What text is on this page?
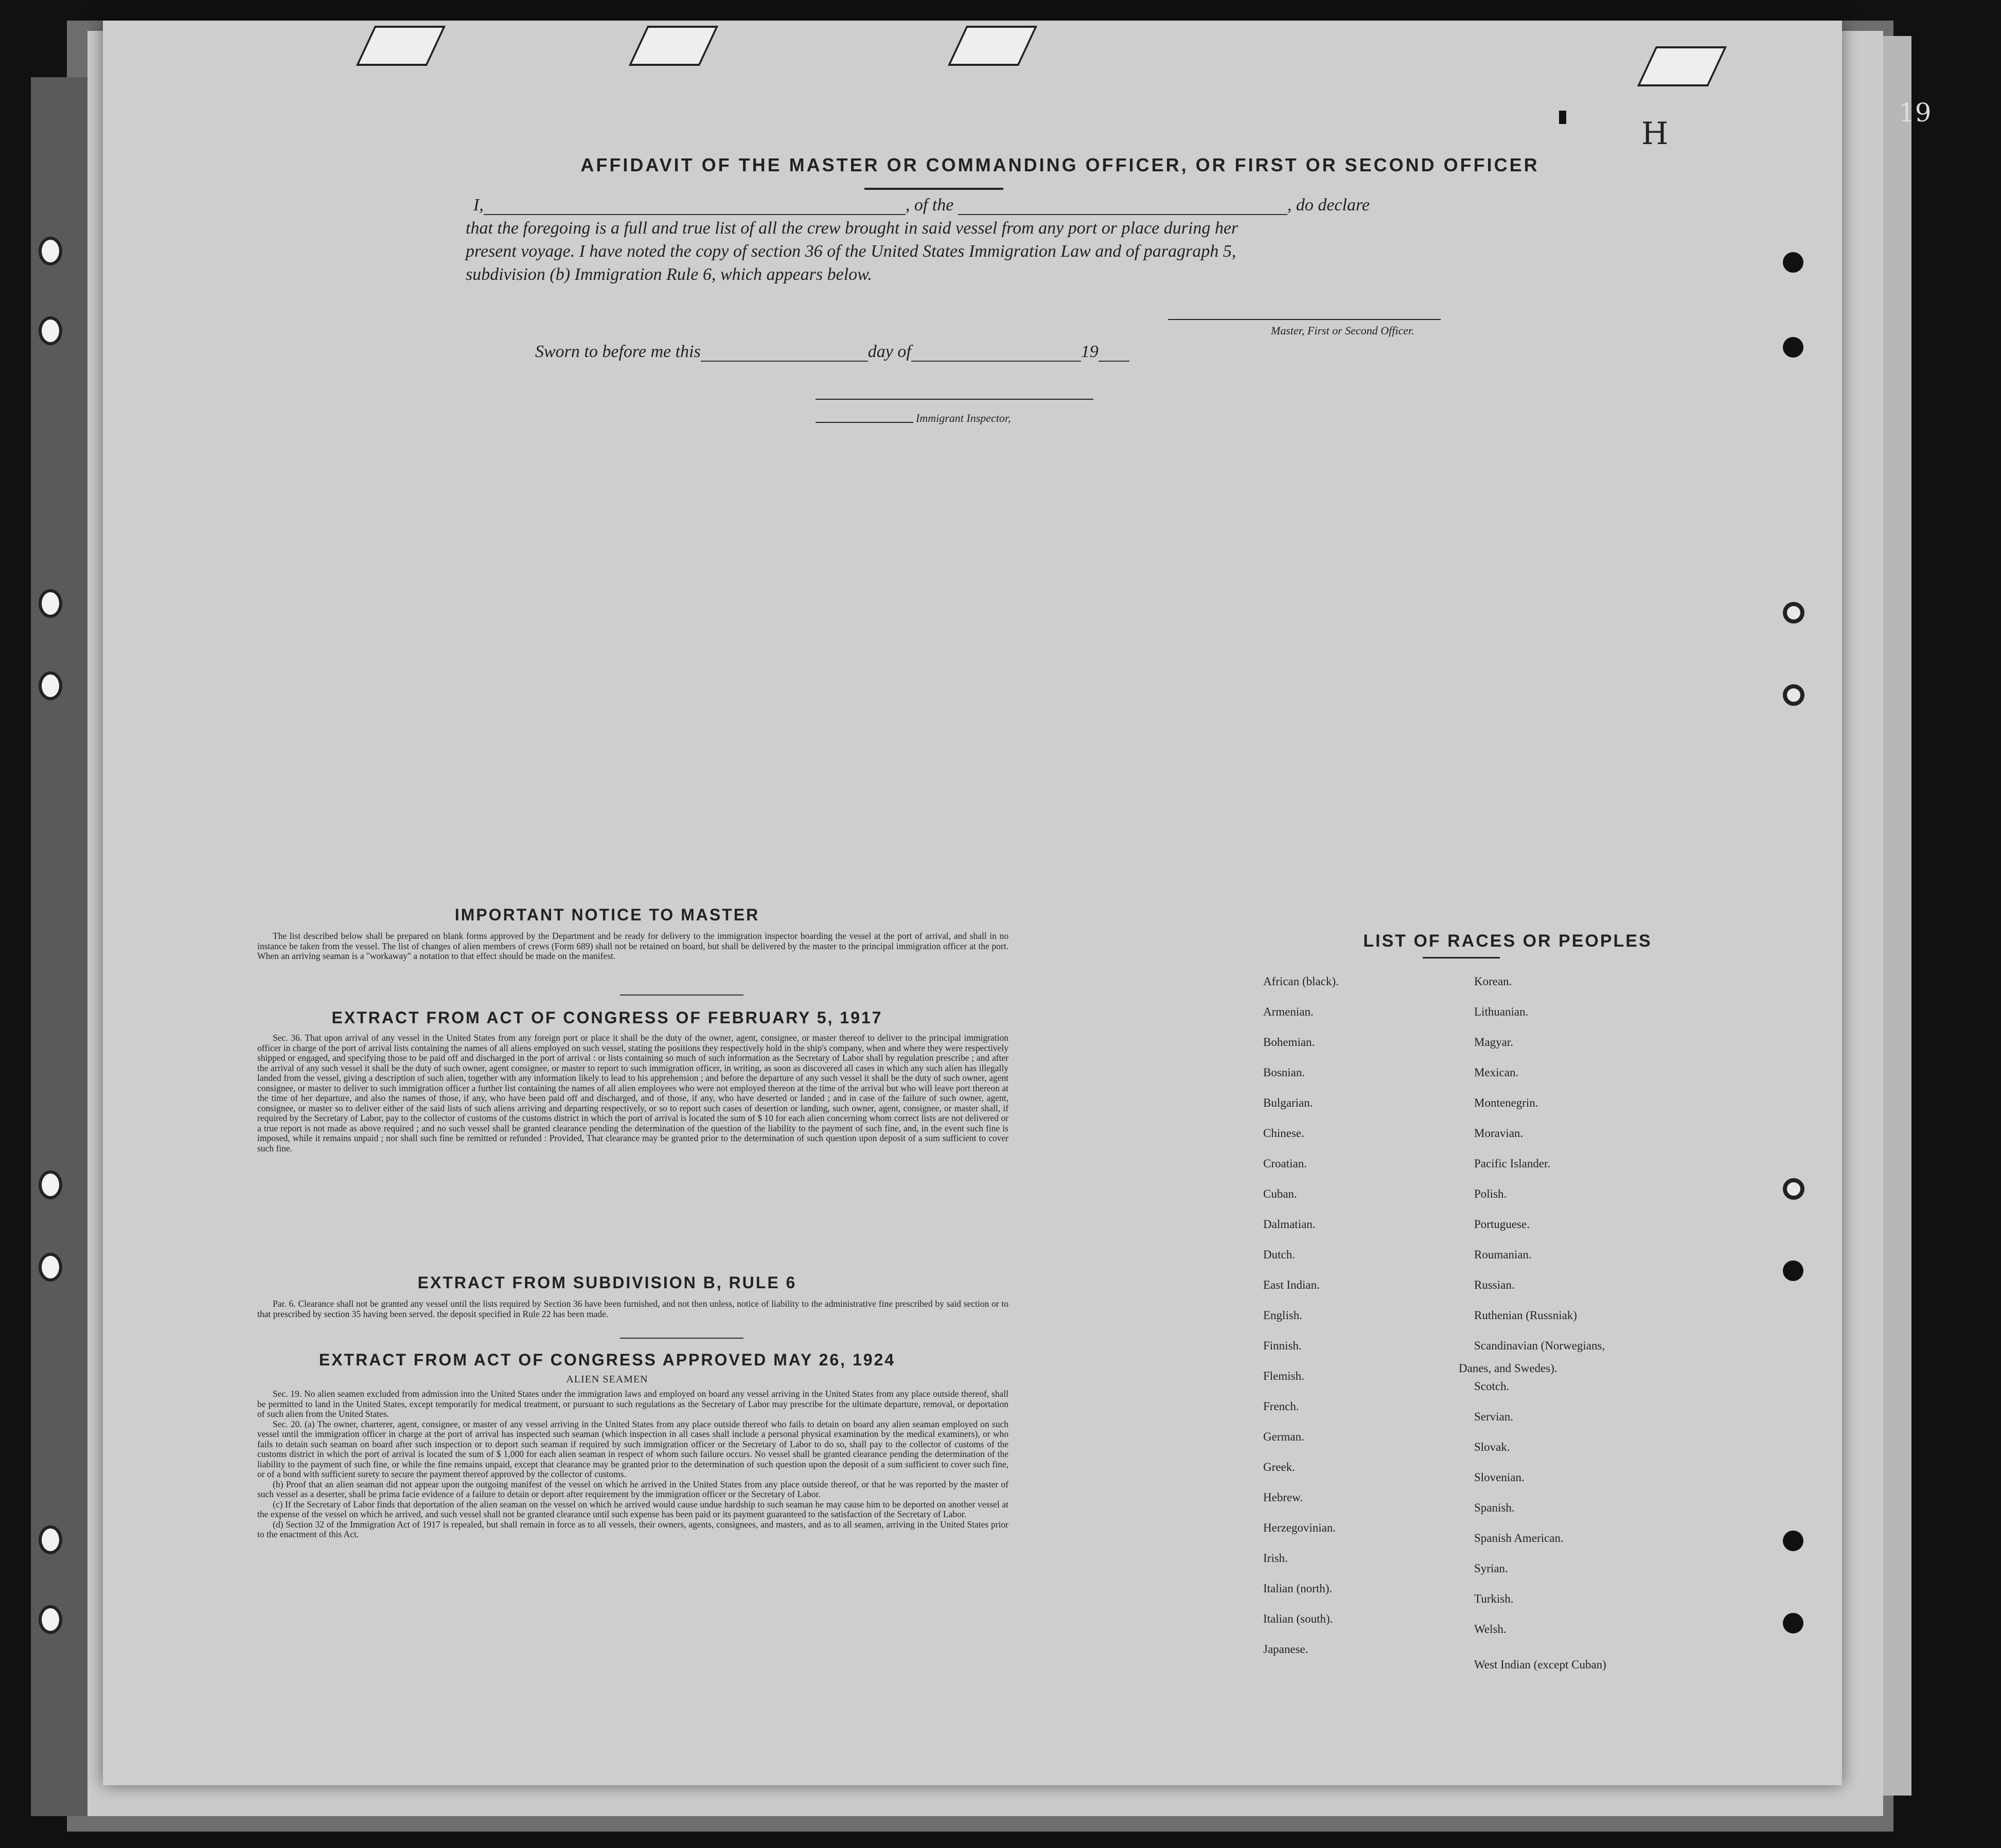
H
19
AFFIDAVIT OF THE MASTER OR COMMANDING OFFICER, OR FIRST OR SECOND OFFICER
I,	, of the	, do declare
that the foregoing is a full and true list of all the crew brought in said vessel from any port or place during her
present voyage. I have noted the copy of section 36 of the United States Immigration Law and of paragraph 5,
subdivision (b) Immigration Rule 6, which appears below.
Master, First or Second Officer.
Sworn to before me this	day of	19
Immigrant Inspector,
IMPORTANT NOTICE TO MASTER

The list described below shall be prepared on blank forms approved by the Department and be ready for delivery to the immigration inspector boarding the vessel at the port of arrival, and shall in no instance be taken from the vessel. The list of changes of alien members of crews (Form 689) shall not be retained on board, but shall be delivered by the master to the principal immigration officer at the port. When an arriving seaman is a "workaway" a notation to that effect should be made on the manifest.

EXTRACT FROM ACT OF CONGRESS OF FEBRUARY 5, 1917

Sec. 36. That upon arrival of any vessel in the United States from any foreign port or place it shall be the duty of the owner, agent, consignee, or master thereof to deliver to the principal immigration officer in charge of the port of arrival lists containing the names of all aliens employed on such vessel, stating the positions they respectively hold in the ship's company, when and where they were respectively shipped or engaged, and specifying those to be paid off and discharged in the port of arrival : or lists containing so much of such information as the Secretary of Labor shall by regulation prescribe ; and after the arrival of any such vessel it shall be the duty of such owner, agent consignee, or master to report to such immigration officer, in writing, as soon as discovered all cases in which any such alien has illegally landed from the vessel, giving a description of such alien, together with any information likely to lead to his apprehension ; and before the departure of any such vessel it shall be the duty of such owner, agent consignee, or master to deliver to such immigration officer a further list containing the names of all alien employees who were not employed thereon at the time of the arrival but who will leave port thereon at the time of her departure, and also the names of those, if any, who have been paid off and discharged, and of those, if any, who have deserted or landed ; and in case of the failure of such owner, agent, consignee, or master so to deliver either of the said lists of such aliens arriving and departing respectively, or so to report such cases of desertion or landing, such owner, agent, consignee, or master shall, if required by the Secretary of Labor, pay to the collector of customs of the customs district in which the port of arrival is located the sum of $ 10 for each alien concerning whom correct lists are not delivered or a true report is not made as above required ; and no such vessel shall be granted clearance pending the determination of the question of the liability to the payment of such fine, and, in the event such fine is imposed, while it remains unpaid ; nor shall such fine be remitted or refunded : Provided, That clearance may be granted prior to the determination of such question upon deposit of a sum sufficient to cover such fine.

EXTRACT FROM SUBDIVISION B, RULE 6

Par. 6. Clearance shall not be granted any vessel until the lists required by Section 36 have been furnished, and not then unless, notice of liability to the administrative fine prescribed by said section or to that prescribed by section 35 having been served. the deposit specified in Rule 22 has been made.

EXTRACT FROM ACT OF CONGRESS APPROVED MAY 26, 1924
ALIEN SEAMEN

Sec. 19. No alien seamen excluded from admission into the United States under the immigration laws and employed on board any vessel arriving in the United States from any place outside thereof, shall be permitted to land in the United States, except temporarily for medical treatment, or pursuant to such regulations as the Secretary of Labor may prescribe for the ultimate departure, removal, or deportation of such alien from the United States.

Sec. 20. (a) The owner, charterer, agent, consignee, or master of any vessel arriving in the United States from any place outside thereof who fails to detain on board any alien seaman employed on such vessel until the immigration officer in charge at the port of arrival has inspected such seaman (which inspection in all cases shall include a personal physical examination by the medical examiners), or who fails to detain such seaman on board after such inspection or to deport such seaman if required by such immigration officer or the Secretary of Labor to do so, shall pay to the collector of customs of the customs district in which the port of arrival is located the sum of $ 1,000 for each alien seaman in respect of whom such failure occurs. No vessel shall be granted clearance pending the determination of the liability to the payment of such fine, or while the fine remains unpaid, except that clearance may be granted prior to the determination of such question upon the deposit of a sum sufficient to cover such fine, or of a bond with sufficient surety to secure the payment thereof approved by the collector of customs.

(b) Proof that an alien seaman did not appear upon the outgoing manifest of the vessel on which he arrived in the United States from any place outside thereof, or that he was reported by the master of such vessel as a deserter, shall be prima facie evidence of a failure to detain or deport after requirement by the immigration officer or the Secretary of Labor.

(c) If the Secretary of Labor finds that deportation of the alien seaman on the vessel on which he arrived would cause undue hardship to such seaman he may cause him to be deported on another vessel at the expense of the vessel on which he arrived, and such vessel shall not be granted clearance until such expense has been paid or its payment guaranteed to the satisfaction of the Secretary of Labor.

(d) Section 32 of the Immigration Act of 1917 is repealed, but shall remain in force as to all vessels, their owners, agents, consignees, and masters, and as to all seamen, arriving in the United States prior to the enactment of this Act.

LIST OF RACES OR PEOPLES
African (black).
Armenian.
Bohemian.
Bosnian.
Bulgarian.
Chinese.
Croatian.
Cuban.
Dalmatian.
Dutch.
East Indian.
English.
Finnish.
Flemish.
French.
German.
Greek.
Hebrew.
Herzegovinian.
Irish.
Italian (north).
Italian (south).
Japanese.
Korean.
Lithuanian.
Magyar.
Mexican.
Montenegrin.
Moravian.
Pacific Islander.
Polish.
Portuguese.
Roumanian.
Russian.
Ruthenian (Russniak)
Scandinavian (Norwegians,
Scotch.
Servian.
Slovak.
Slovenian.
Spanish.
Spanish American.
Syrian.
Turkish.
Welsh.
West Indian (except Cuban)
Danes, and Swedes).
